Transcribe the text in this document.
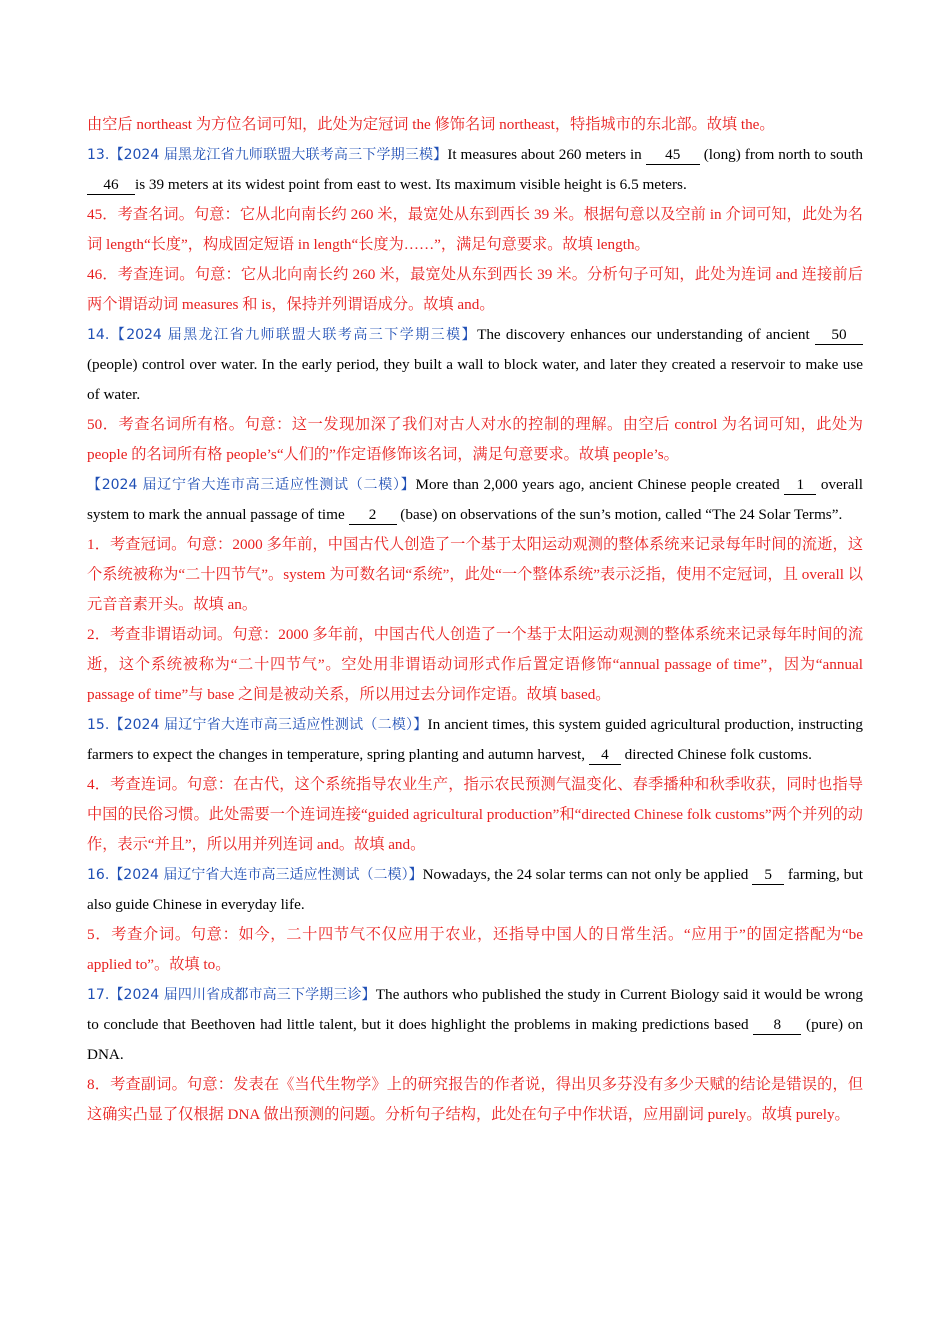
由空后 northeast 为方位名词可知，此处为定冠词 the 修饰名词 northeast，特指城市的东北部。故填 the。

13.【2024 届黑龙江省九师联盟大联考高三下学期三模】It measures about 260 meters in 45 (long) from north to south 46 is 39 meters at its widest point from east to west. Its maximum visible height is 6.5 meters.

45．考查名词。句意：它从北向南长约 260 米，最宽处从东到西长 39 米。根据句意以及空前 in 介词可知，此处为名词 length“长度”，构成固定短语 in length“长度为……”，满足句意要求。故填 length。

46．考查连词。句意：它从北向南长约 260 米，最宽处从东到西长 39 米。分析句子可知，此处为连词 and 连接前后两个谓语动词 measures 和 is，保持并列谓语成分。故填 and。

14.【2024 届黑龙江省九师联盟大联考高三下学期三模】The discovery enhances our understanding of ancient 50 (people) control over water. In the early period, they built a wall to block water, and later they created a reservoir to make use of water.

50．考查名词所有格。句意：这一发现加深了我们对古人对水的控制的理解。由空后 control 为名词可知，此处为 people 的名词所有格 people’s“人们的”作定语修饰该名词，满足句意要求。故填 people’s。

【2024 届辽宁省大连市高三适应性测试（二模）】More than 2,000 years ago, ancient Chinese people created 1 overall system to mark the annual passage of time 2 (base) on observations of the sun’s motion, called “The 24 Solar Terms”.

1．考查冠词。句意：2000 多年前，中国古代人创造了一个基于太阳运动观测的整体系统来记录每年时间的流逝，这个系统被称为“二十四节气”。system 为可数名词“系统”，此处“一个整体系统”表示泛指，使用不定冠词，且 overall 以元音音素开头。故填 an。

2．考查非谓语动词。句意：2000 多年前，中国古代人创造了一个基于太阳运动观测的整体系统来记录每年时间的流逝，这个系统被称为“二十四节气”。空处用非谓语动词形式作后置定语修饰“annual passage of time”，因为“annual passage of time”与 base 之间是被动关系，所以用过去分词作定语。故填 based。

15.【2024 届辽宁省大连市高三适应性测试（二模）】In ancient times, this system guided agricultural production, instructing farmers to expect the changes in temperature, spring planting and autumn harvest, 4 directed Chinese folk customs.

4．考查连词。句意：在古代，这个系统指导农业生产，指示农民预测气温变化、春季播种和秋季收获，同时也指导中国的民俗习惯。此处需要一个连词连接“guided agricultural production”和“directed Chinese folk customs”两个并列的动作，表示“并且”，所以用并列连词 and。故填 and。

16.【2024 届辽宁省大连市高三适应性测试（二模）】Nowadays, the 24 solar terms can not only be applied 5 farming, but also guide Chinese in everyday life.

5．考查介词。句意：如今，二十四节气不仅应用于农业，还指导中国人的日常生活。“应用于”的固定搭配为“be applied to”。故填 to。

17.【2024 届四川省成都市高三下学期三诊】The authors who published the study in Current Biology said it would be wrong to conclude that Beethoven had little talent, but it does highlight the problems in making predictions based 8 (pure) on DNA.

8．考查副词。句意：发表在《当代生物学》上的研究报告的作者说，得出贝多芬没有多少天赋的结论是错误的，但这确实凸显了仅根据 DNA 做出预测的问题。分析句子结构，此处在句子中作状语，应用副词 purely。故填 purely。
